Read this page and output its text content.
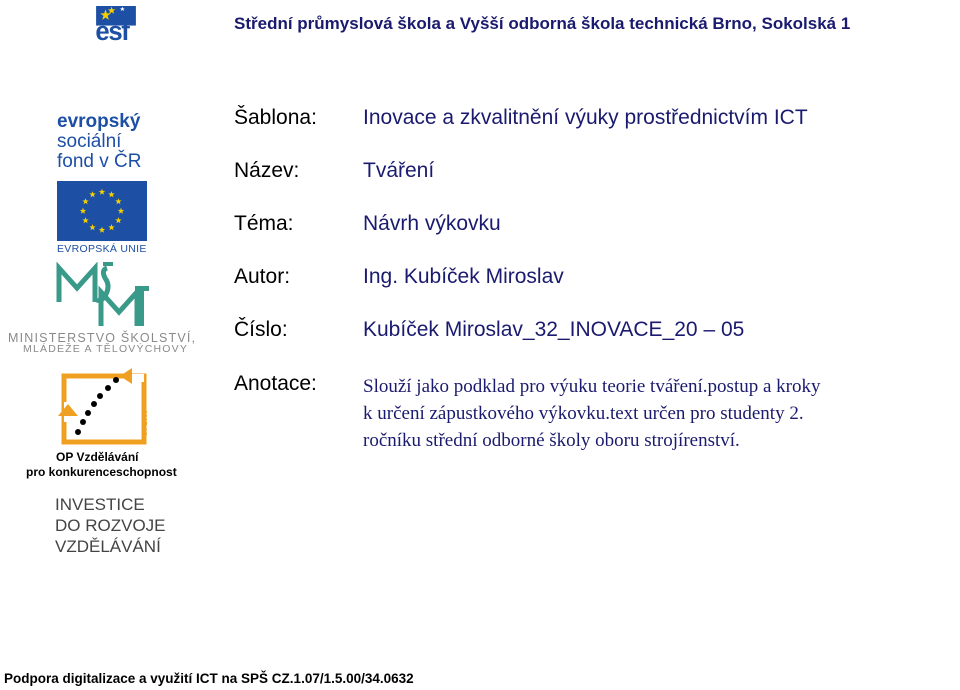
Střední průmyslová škola a Vyšší odborná škola technická Brno, Sokolská 1
esf
evropský
sociální
fond v ČR
EVROPSKÁ UNIE
MINISTERSTVO ŠKOLSTVÍ,
MLÁDEŽE A TĚLOVÝCHOVY
2007-13
OP Vzdělávání
pro konkurenceschopnost
INVESTICE
DO ROZVOJE
VZDĚLÁVÁNÍ
Šablona: Inovace a zkvalitnění výuky prostřednictvím ICT
Název:	Tváření
Téma:	Návrh výkovku
Autor:	Ing. Kubíček Miroslav
Číslo:	Kubíček Miroslav_32_INOVACE_20 – 05
Anotace: Slouží jako podklad pro výuku teorie tváření.postup a kroky
k určení zápustkového výkovku.text určen pro studenty 2.
ročníku střední odborné školy oboru strojírenství.
Podpora digitalizace a využití ICT na SPŠ CZ.1.07/1.5.00/34.0632
